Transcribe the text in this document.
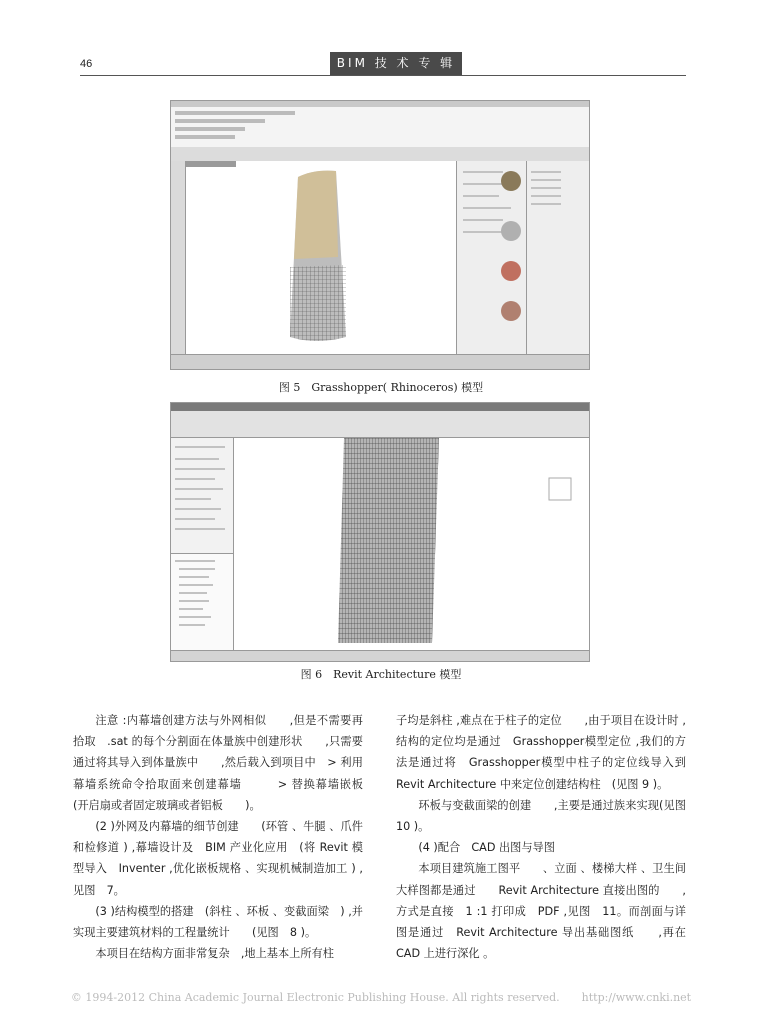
46	BIM 技 术 专 辑
图 5　Grasshopper( Rhinoceros) 模型
图 6　Revit Architecture 模型

注意 :内幕墙创建方法与外网相似　　,但是不需要再拾取　.sat 的每个分割面在体量族中创建形状　　,只需要通过将其导入到体量族中　　,然后载入到项目中　> 利用幕墙系统命令拾取面来创建幕墙　　　> 替换幕墙嵌板　(开启扇或者固定玻璃或者铝板　　)。

(2 )外网及内幕墙的细节创建　　(环管 、牛腿 、爪件和检修道 ) ,幕墙设计及　BIM 产业化应用　(将 Revit 模型导入　Inventer ,优化嵌板规格 、实现机械制造加工 ) ,见图　7。

(3 )结构模型的搭建　(斜柱 、环板 、变截面梁　) ,并实现主要建筑材料的工程量统计　　(见图　8 )。

本项目在结构方面非常复杂　,地上基本上所有柱

子均是斜柱 ,难点在于柱子的定位　　,由于项目在设计时 ,结构的定位均是通过　Grasshopper模型定位 ,我们的方法是通过将　Grasshopper模型中柱子的定位线导入到　Revit Architecture 中来定位创建结构柱　(见图 9 )。

环板与变截面梁的创建　　,主要是通过族来实现(见图 10 )。

(4 )配合　CAD 出图与导图

本项目建筑施工图平　　、立面 、楼梯大样 、卫生间大样图都是通过　　Revit Architecture 直接出图的　　,方式是直接　1 :1 打印成　PDF ,见图　11。而剖面与详图是通过　Revit Architecture 导出基础图纸　　,再在　CAD 上进行深化 。

© 1994-2012 China Academic Journal Electronic Publishing House. All rights reserved.　　http://www.cnki.net
